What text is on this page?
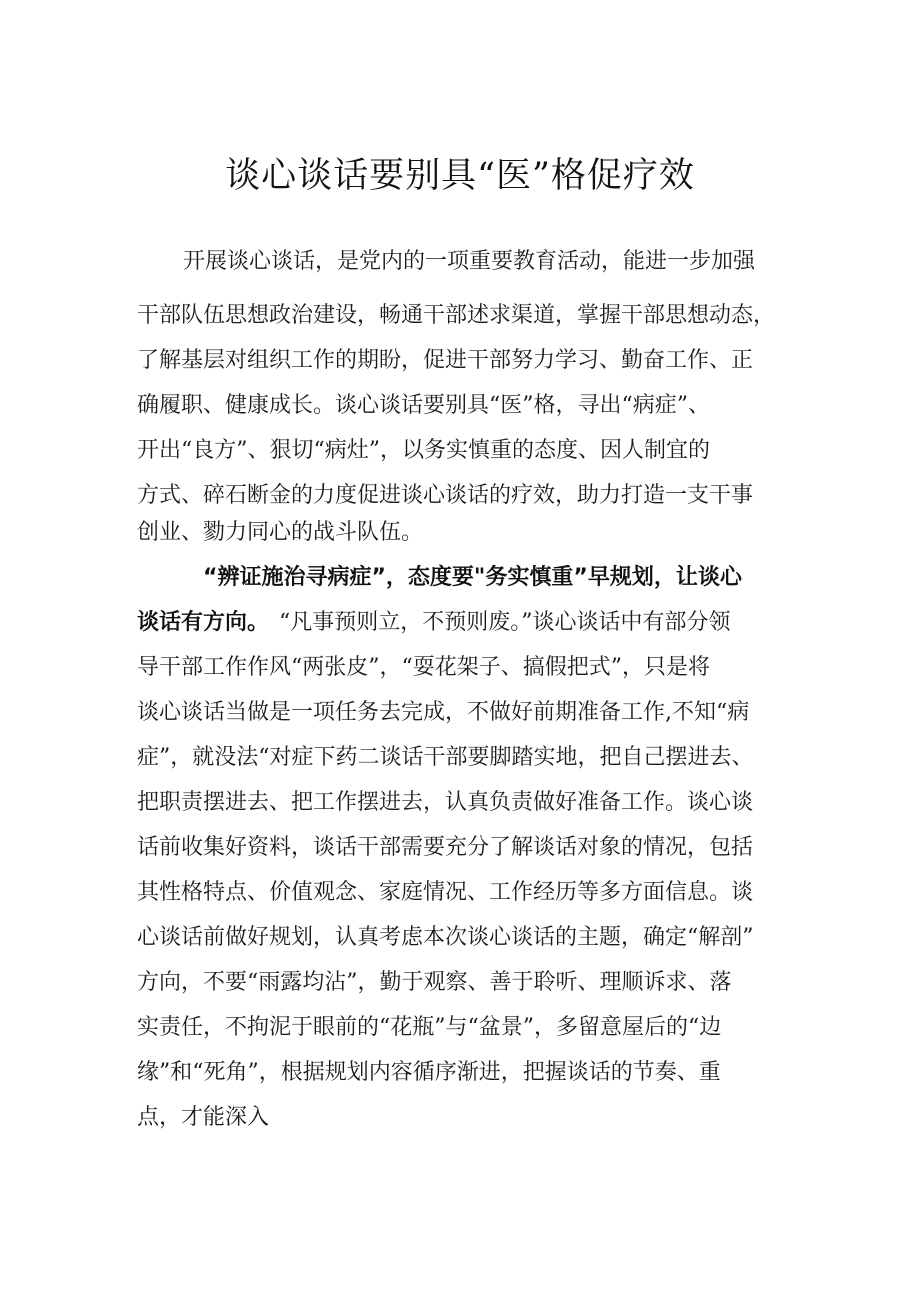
谈心谈话要别具“医”格促疗效
开展谈心谈话，是党内的一项重要教育活动，能进一步加强
干部队伍思想政治建设，畅通干部述求渠道，掌握干部思想动态，
了解基层对组织工作的期盼，促进干部努力学习、勤奋工作、正
确履职、健康成长。谈心谈话要别具“医”格，寻出“病症”、
开出“良方”、狠切“病灶”，以务实慎重的态度、因人制宜的
方式、碎石断金的力度促进谈心谈话的疗效，助力打造一支干事
创业、勠力同心的战斗队伍。
“辨证施治寻病症”，态度要"务实慎重”早规划，让谈心
谈话有方向。 “凡事预则立，不预则废。”谈心谈话中有部分领
导干部工作作风“两张皮”，“耍花架子、搞假把式”，只是将
谈心谈话当做是一项任务去完成，不做好前期准备工作,不知“病
症”，就没法“对症下药二谈话干部要脚踏实地，把自己摆进去、
把职责摆进去、把工作摆进去，认真负责做好准备工作。谈心谈
话前收集好资料，谈话干部需要充分了解谈话对象的情况，包括
其性格特点、价值观念、家庭情况、工作经历等多方面信息。谈
心谈话前做好规划，认真考虑本次谈心谈话的主题，确定“解剖”
方向，不要“雨露均沾”，勤于观察、善于聆听、理顺诉求、落
实责任，不拘泥于眼前的“花瓶”与“盆景”，多留意屋后的“边
缘”和“死角”，根据规划内容循序渐进，把握谈话的节奏、重
点，才能深入
